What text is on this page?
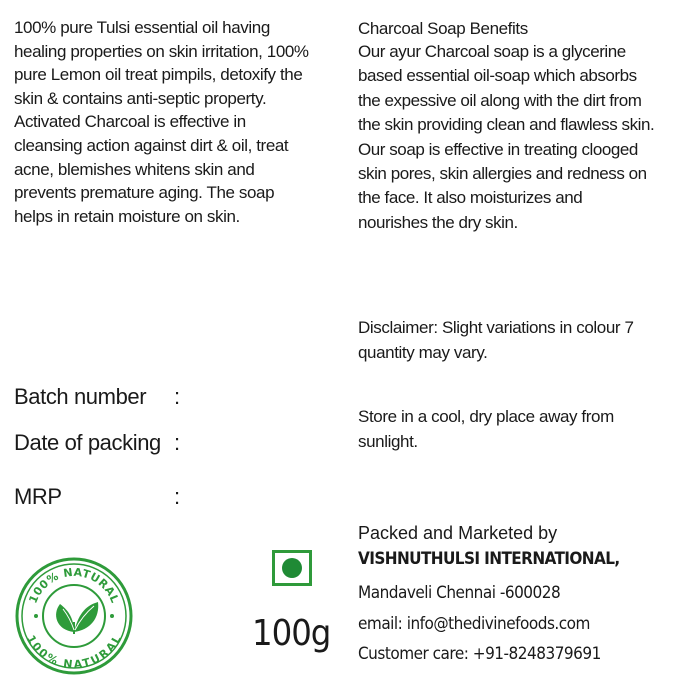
100% pure Tulsi essential oil having
healing properties on skin irritation, 100%
pure Lemon oil treat pimpils, detoxify the
skin & contains anti-septic property.
Activated Charcoal is effective in
cleansing action against dirt & oil, treat
acne, blemishes whitens skin and
prevents premature aging. The soap
helps in retain moisture on skin.

Charcoal Soap Benefits

Our ayur Charcoal soap is a glycerine
based essential oil-soap which absorbs
the expessive oil along with the dirt from
the skin providing clean and flawless skin.
Our soap is effective in treating clooged
skin pores, skin allergies and redness on
the face. It also moisturizes and
nourishes the dry skin.

Disclaimer: Slight variations in colour 7
quantity may vary.

Store in a cool, dry place away from
sunlight.

Batch number :
Date of packing :
MRP	:

Packed and Marketed by

VISHNUTHULSI INTERNATIONAL,

Mandaveli Chennai -600028

email: info@thedivinefoods.com

Customer care: +91-8248379691

100g
100% NATURAL
100% NATURAL
